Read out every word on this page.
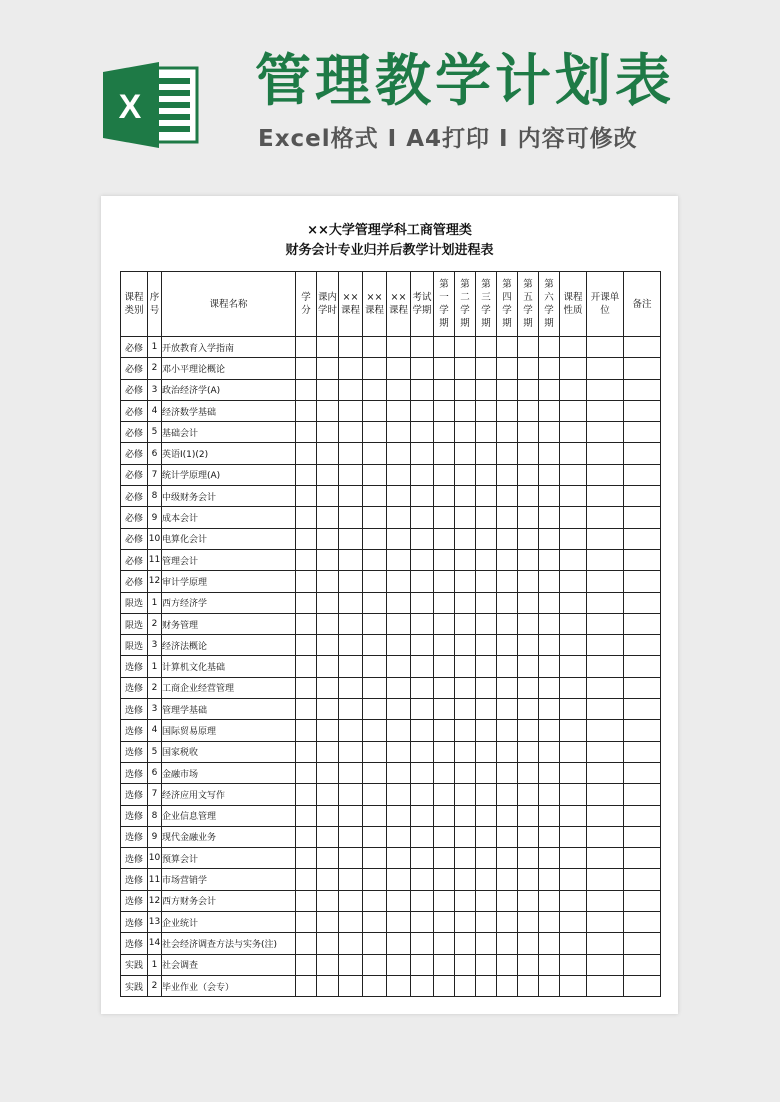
X 管理教学计划表
Excel格式 I A4打印 I 内容可修改
××大学管理学科工商管理类
财务会计专业归并后教学计划进程表
课程类别	序号	课程名称	学分	课内学时	××课程	××课程	××课程	考试学期	第一学期	第二学期	第三学期	第四学期	第五学期	第六学期	课程性质	开课单位	备注
必修	1	开放教育入学指南															
必修	2	邓小平理论概论															
必修	3	政治经济学(A)															
必修	4	经济数学基础															
必修	5	基础会计															
必修	6	英语Ⅰ(1)(2)															
必修	7	统计学原理(A)															
必修	8	中级财务会计															
必修	9	成本会计															
必修	10	电算化会计															
必修	11	管理会计															
必修	12	审计学原理															
限选	1	西方经济学															
限选	2	财务管理															
限选	3	经济法概论															
选修	1	计算机文化基础															
选修	2	工商企业经营管理															
选修	3	管理学基础															
选修	4	国际贸易原理															
选修	5	国家税收															
选修	6	金融市场															
选修	7	经济应用文写作															
选修	8	企业信息管理															
选修	9	现代金融业务															
选修	10	预算会计															
选修	11	市场营销学															
选修	12	西方财务会计															
选修	13	企业统计															
选修	14	社会经济调查方法与实务(注)															
实践	1	社会调查															
实践	2	毕业作业（会专）															
